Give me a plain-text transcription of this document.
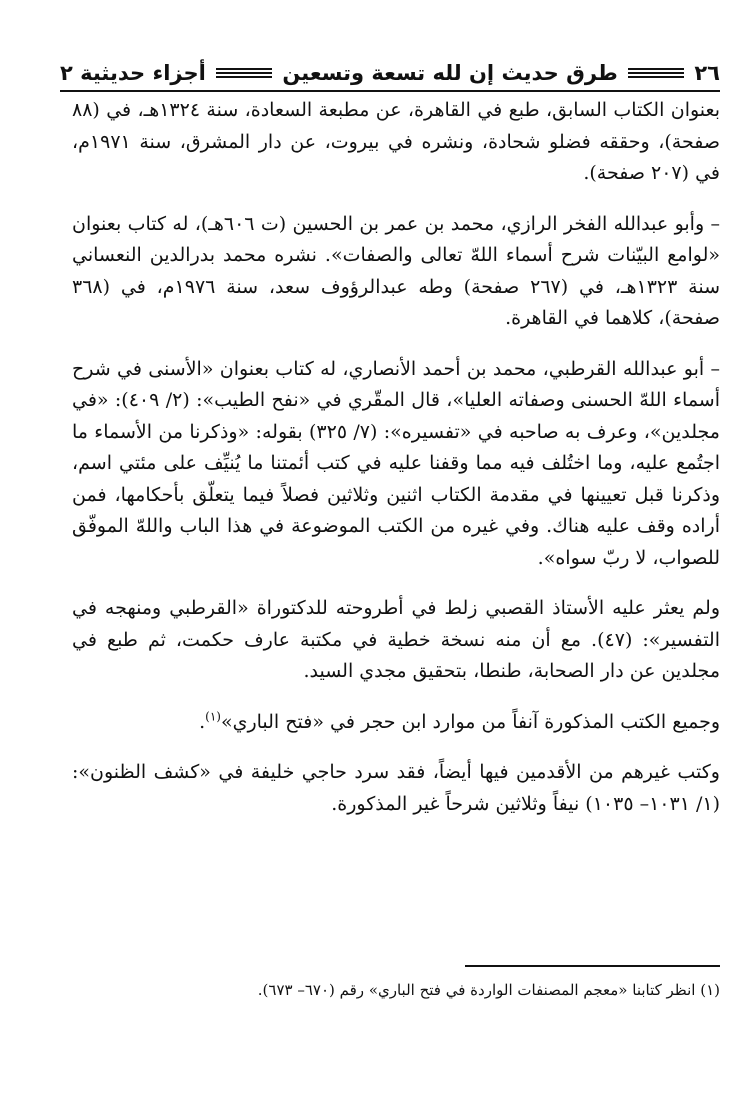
٢٦
طرق حديث إن لله تسعة وتسعين
أجزاء حديثية ٢

بعنوان الكتاب السابق، طبع في القاهرة، عن مطبعة السعادة، سنة ١٣٢٤هـ، في (٨٨ صفحة)، وحققه فضلو شحادة، ونشره في بيروت، عن دار المشرق، سنة ١٩٧١م، في (٢٠٧ صفحة).

– وأبو عبدالله الفخر الرازي، محمد بن عمر بن الحسين (ت ٦٠٦هـ)، له كتاب بعنوان «لوامع البيّنات شرح أسماء اللهّ تعالى والصفات». نشره محمد بدرالدين النعساني سنة ١٣٢٣هـ، في (٢٦٧ صفحة) وطه عبدالرؤوف سعد، سنة ١٩٧٦م، في (٣٦٨ صفحة)، كلاهما في القاهرة.

– أبو عبدالله القرطبي، محمد بن أحمد الأنصاري، له كتاب بعنوان «الأسنى في شرح أسماء اللهّ الحسنى وصفاته العليا»، قال المقّري في «نفح الطيب»: (٢/ ٤٠٩): «في مجلدين»، وعرف به صاحبه في «تفسيره»: (٧/ ٣٢٥) بقوله: «وذكرنا من الأسماء ما اجتُمع عليه، وما اختُلف فيه مما وقفنا عليه في كتب أئمتنا ما يُنيِّف على مئتي اسم، وذكرنا قبل تعيينها في مقدمة الكتاب اثنين وثلاثين فصلاً فيما يتعلّق بأحكامها، فمن أراده وقف عليه هناك. وفي غيره من الكتب الموضوعة في هذا الباب واللهّ الموفّق للصواب، لا ربّ سواه».

ولم يعثر عليه الأستاذ القصبي زلط في أطروحته للدكتوراة «القرطبي ومنهجه في التفسير»: (٤٧). مع أن منه نسخة خطية في مكتبة عارف حكمت، ثم طبع في مجلدين عن دار الصحابة، طنطا، بتحقيق مجدي السيد.

وجميع الكتب المذكورة آنفاً من موارد ابن حجر في «فتح الباري»$^{(١)}$.

وكتب غيرهم من الأقدمين فيها أيضاً، فقد سرد حاجي خليفة في «كشف الظنون»: (١/ ١٠٣١– ١٠٣٥) نيفاً وثلاثين شرحاً غير المذكورة.

(١) انظر كتابنا «معجم المصنفات الواردة في فتح الباري» رقم (٦٧٠– ٦٧٣).
